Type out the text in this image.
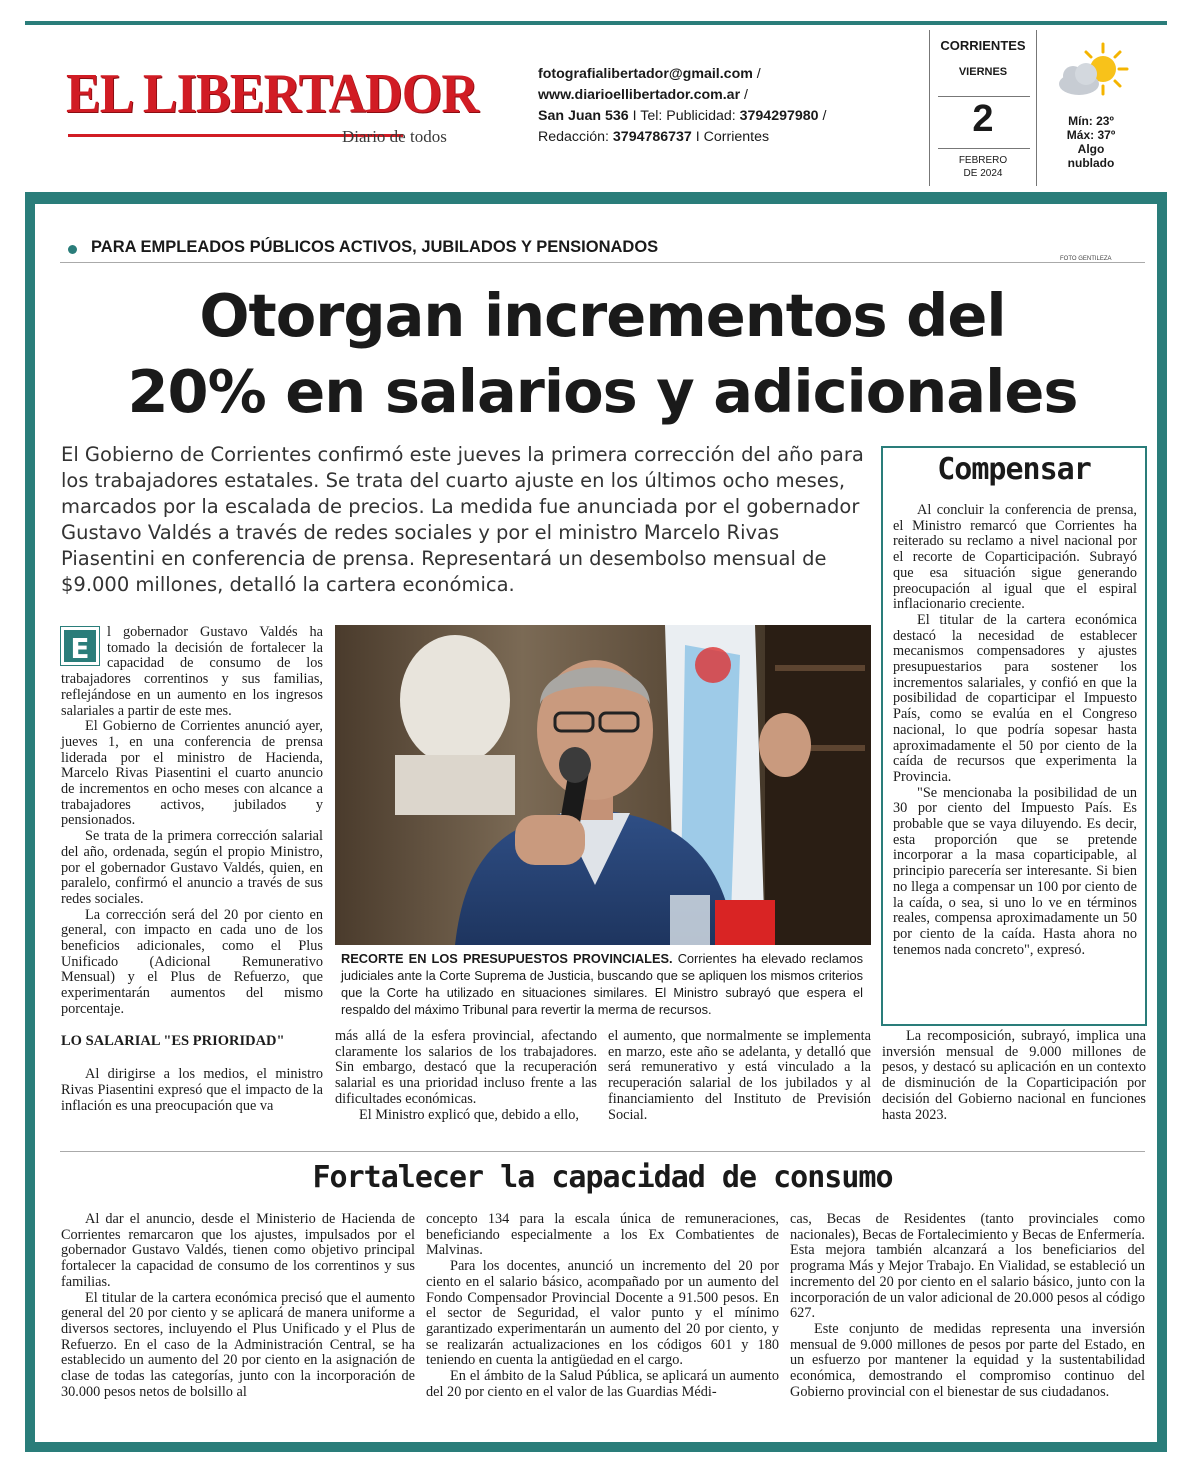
EL LIBERTADOR
Diario de todos
fotografialibertador@gmail.com /
www.diarioellibertador.com.ar /
San Juan 536 I Tel: Publicidad: 3794297980 /
Redacción: 3794786737 I Corrientes
CORRIENTES
VIERNES
2
FEBRERO
DE 2024
Mín: 23º
Máx: 37º
Algo
nublado
PARA EMPLEADOS PÚBLICOS ACTIVOS, JUBILADOS Y PENSIONADOS
FOTO GENTILEZA
Otorgan incrementos del
20% en salarios y adicionales
El Gobierno de Corrientes confirmó este jueves la primera corrección del año para los trabajadores estatales. Se trata del cuarto ajuste en los últimos ocho meses, marcados por la escalada de precios. La medida fue anunciada por el gobernador Gustavo Valdés a través de redes sociales y por el ministro Marcelo Rivas Piasentini en conferencia de prensa. Representará un desembolso mensual de $9.000 millones, detalló la cartera económica.

E	l gobernador Gustavo Valdés ha tomado la decisión de fortalecer la capacidad de consumo de los trabajadores correntinos y sus familias, reflejándose en un aumento en los ingresos salariales a partir de este mes.

El Gobierno de Corrientes anunció ayer, jueves 1, en una conferencia de prensa liderada por el ministro de Hacienda, Marcelo Rivas Piasentini el cuarto anuncio de incrementos en ocho meses con alcance a trabajadores activos, jubilados y pensionados.

Se trata de la primera corrección salarial del año, ordenada, según el propio Ministro, por el gobernador Gustavo Valdés, quien, en paralelo, confirmó el anuncio a través de sus redes sociales.

La corrección será del 20 por ciento en general, con impacto en cada uno de los beneficios adicionales, como el Plus Unificado (Adicional Remunerativo Mensual) y el Plus de Refuerzo, que experimentarán aumentos del mismo porcentaje.

LO SALARIAL "ES PRIORIDAD"

Al dirigirse a los medios, el ministro Rivas Piasentini expresó que el impacto de la inflación es una preocupación que va

RECORTE EN LOS PRESUPUESTOS PROVINCIALES. Corrientes ha elevado reclamos judiciales ante la Corte Suprema de Justicia, buscando que se apliquen los mismos criterios que la Corte ha utilizado en situaciones similares. El Ministro subrayó que espera el respaldo del máximo Tribunal para revertir la merma de recursos.

más allá de la esfera provincial, afectando claramente los salarios de los trabajadores. Sin embargo, destacó que la recuperación salarial es una prioridad incluso frente a las dificultades económicas.

El Ministro explicó que, debido a ello,

el aumento, que normalmente se implementa en marzo, este año se adelanta, y detalló que será remunerativo y está vinculado a la recuperación salarial de los jubilados y al financiamiento del Instituto de Previsión Social.

Compensar

Al concluir la conferencia de prensa, el Ministro remarcó que Corrientes ha reiterado su reclamo a nivel nacional por el recorte de Coparticipación. Subrayó que esa situación sigue generando preocupación al igual que el espiral inflacionario creciente.

El titular de la cartera económica destacó la necesidad de establecer mecanismos compensadores y ajustes presupuestarios para sostener los incrementos salariales, y confió en que la posibilidad de coparticipar el Impuesto País, como se evalúa en el Congreso nacional, lo que podría sopesar hasta aproximadamente el 50 por ciento de la caída de recursos que experimenta la Provincia.

"Se mencionaba la posibilidad de un 30 por ciento del Impuesto País. Es probable que se vaya diluyendo. Es decir, esta proporción que se pretende incorporar a la masa coparticipable, al principio parecería ser interesante. Si bien no llega a compensar un 100 por ciento de la caída, o sea, si uno lo ve en términos reales, compensa aproximadamente un 50 por ciento de la caída. Hasta ahora no tenemos nada concreto", expresó.

La recomposición, subrayó, implica una inversión mensual de 9.000 millones de pesos, y destacó su aplicación en un contexto de disminución de la Coparticipación por decisión del Gobierno nacional en funciones hasta 2023.

Fortalecer la capacidad de consumo

Al dar el anuncio, desde el Ministerio de Hacienda de Corrientes remarcaron que los ajustes, impulsados por el gobernador Gustavo Valdés, tienen como objetivo principal fortalecer la capacidad de consumo de los correntinos y sus familias.

El titular de la cartera económica precisó que el aumento general del 20 por ciento y se aplicará de manera uniforme a diversos sectores, incluyendo el Plus Unificado y el Plus de Refuerzo. En el caso de la Administración Central, se ha establecido un aumento del 20 por ciento en la asignación de clase de todas las categorías, junto con la incorporación de 30.000 pesos netos de bolsillo al

concepto 134 para la escala única de remuneraciones, beneficiando especialmente a los Ex Combatientes de Malvinas.

Para los docentes, anunció un incremento del 20 por ciento en el salario básico, acompañado por un aumento del Fondo Compensador Provincial Docente a 91.500 pesos. En el sector de Seguridad, el valor punto y el mínimo garantizado experimentarán un aumento del 20 por ciento, y se realizarán actualizaciones en los códigos 601 y 180 teniendo en cuenta la antigüedad en el cargo.

En el ámbito de la Salud Pública, se aplicará un aumento del 20 por ciento en el valor de las Guardias Médi-

cas, Becas de Residentes (tanto provinciales como nacionales), Becas de Fortalecimiento y Becas de Enfermería. Esta mejora también alcanzará a los beneficiarios del programa Más y Mejor Trabajo. En Vialidad, se estableció un incremento del 20 por ciento en el salario básico, junto con la incorporación de un valor adicional de 20.000 pesos al código 627.

Este conjunto de medidas representa una inversión mensual de 9.000 millones de pesos por parte del Estado, en un esfuerzo por mantener la equidad y la sustentabilidad económica, demostrando el compromiso continuo del Gobierno provincial con el bienestar de sus ciudadanos.
